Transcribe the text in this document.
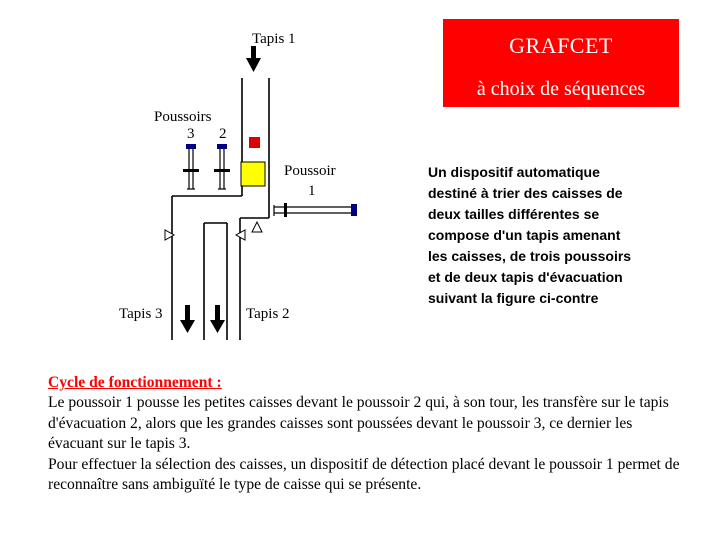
Tapis 1
Poussoirs
3 2
Poussoir
1
Tapis 3	Tapis 2
GRAFCET
à choix de séquences
Un dispositif automatique destiné à trier des caisses de deux tailles différentes se compose d'un tapis amenant les caisses, de trois poussoirs et de deux tapis d'évacuation suivant la figure ci-contre
Cycle de fonctionnement :
Le poussoir 1 pousse les petites caisses devant le poussoir 2 qui, à son tour, les transfère sur le tapis d'évacuation 2, alors que les grandes caisses sont poussées devant le poussoir 3, ce dernier les évacuant sur le tapis 3.
Pour effectuer la sélection des caisses, un dispositif de détection placé devant le poussoir 1 permet de reconnaître sans ambiguïté le type de caisse qui se présente.
